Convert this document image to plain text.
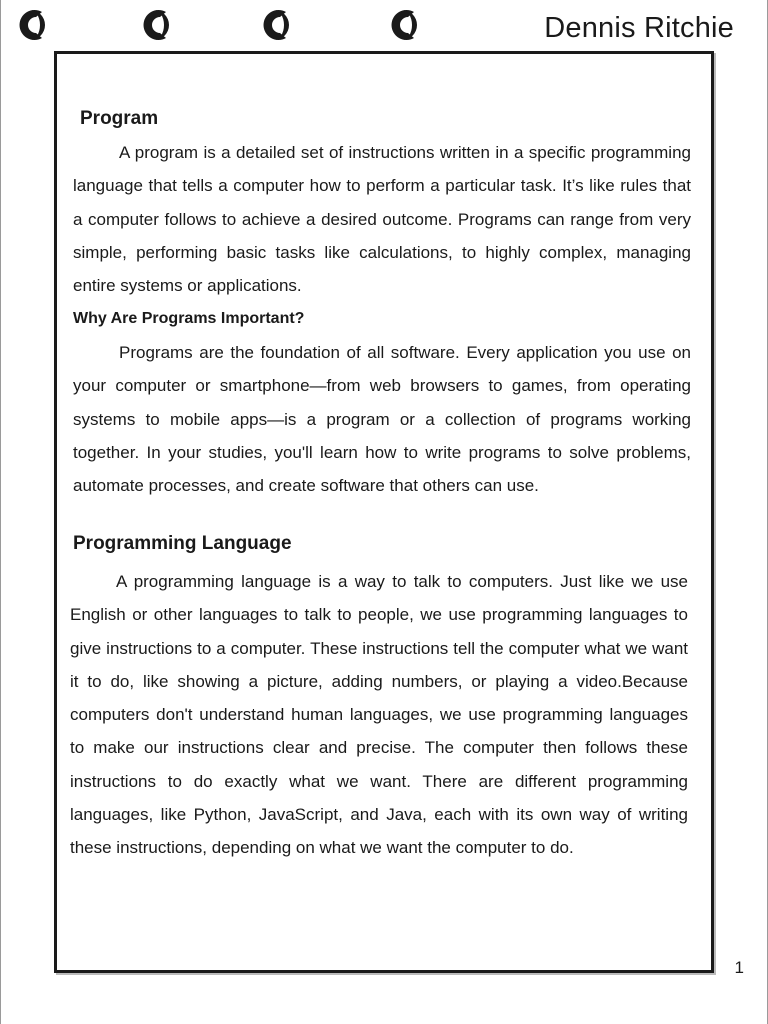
Dennis Ritchie
Program

A program is a detailed set of instructions written in a specific programming language that tells a computer how to perform a particular task. It’s like rules that a computer follows to achieve a desired outcome. Programs can range from very simple, performing basic tasks like calculations, to highly complex, managing entire systems or applications.

Why Are Programs Important?

Programs are the foundation of all software. Every application you use on your computer or smartphone—from web browsers to games, from operating systems to mobile apps—is a program or a collection of programs working together. In your studies, you'll learn how to write programs to solve problems, automate processes, and create software that others can use.

Programming Language

A programming language is a way to talk to computers. Just like we use English or other languages to talk to people, we use programming languages to give instructions to a computer. These instructions tell the computer what we want it to do, like showing a picture, adding numbers, or playing a video.Because computers don't understand human languages, we use programming languages to make our instructions clear and precise. The computer then follows these instructions to do exactly what we want. There are different programming languages, like Python, JavaScript, and Java, each with its own way of writing these instructions, depending on what we want the computer to do.

1
